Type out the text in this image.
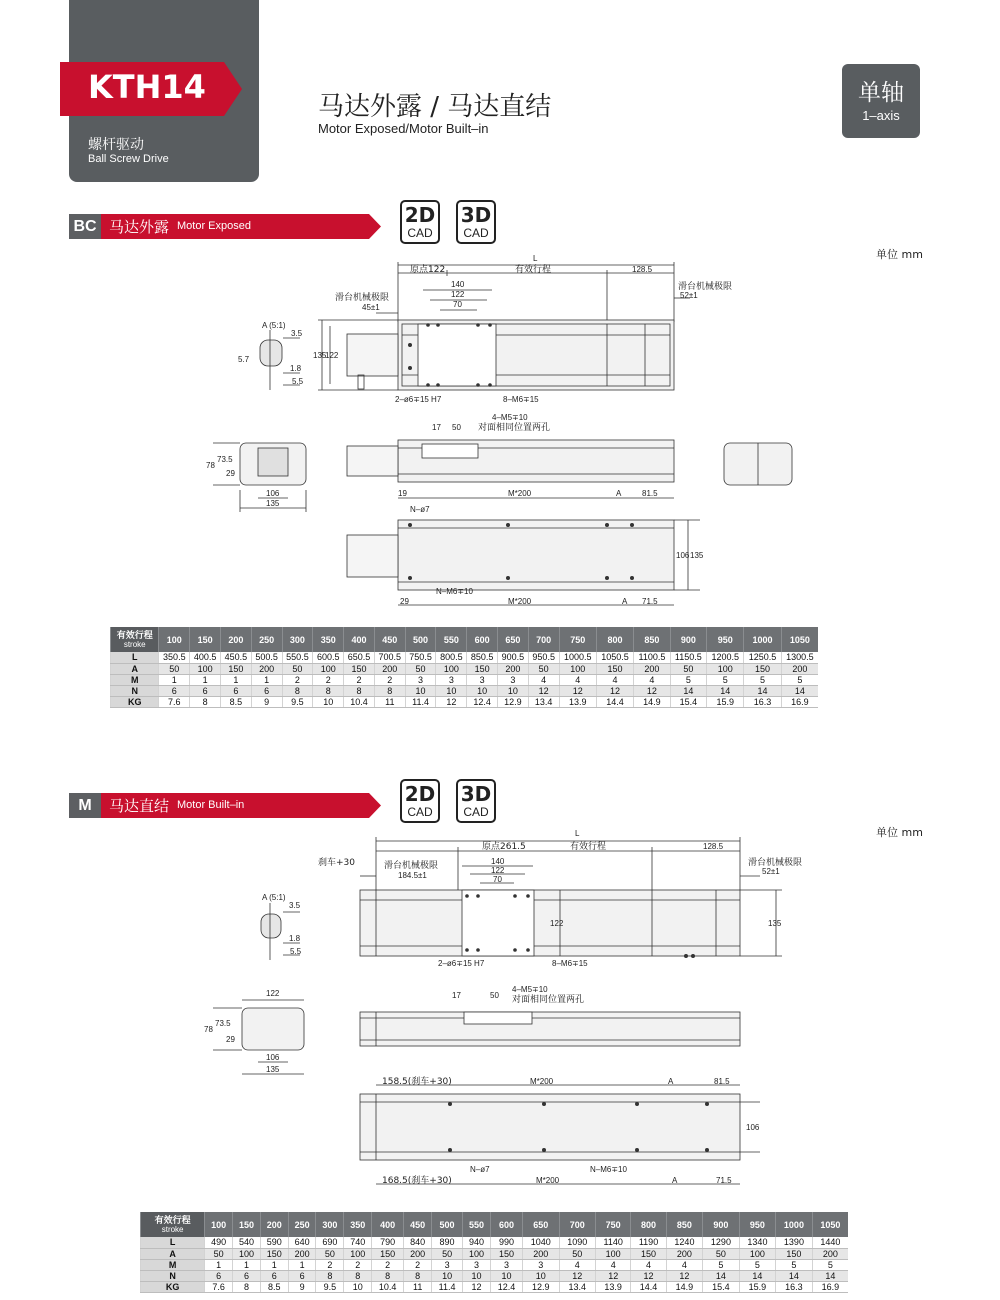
KTH14
螺杆驱动
Ball Screw Drive
马达外露 / 马达直结
Motor Exposed/Motor Built–in
单轴
1–axis
BC 马达外露 Motor Exposed	2D
CAD
3D
CAD
单位 mm
L
原点122	有效行程	128.5
140
122
70
滑台机械极限
45±1
滑台机械极限
52±1
2–ø6∓15 H7	8–M6∓15
A (5:1)
3.5
5.7
1.8
5.5
135
122
4–M5∓10
对面相同位置两孔
17 50
78
73.5
29
106
135
19	M*200	A	81.5
N–ø7
N–M6∓10
29	M*200	A 71.5
106 135
有效行程
stroke	100	150	200	250	300	350	400	450	500	550	600	650	700	750	800	850	900	950	1000	1050
L	350.5	400.5	450.5	500.5	550.5	600.5	650.5	700.5	750.5	800.5	850.5	900.5	950.5	1000.5	1050.5	1100.5	1150.5	1200.5	1250.5	1300.5
A	50	100	150	200	50	100	150	200	50	100	150	200	50	100	150	200	50	100	150	200
M	1	1	1	1	2	2	2	2	3	3	3	3	4	4	4	4	5	5	5	5
N	6	6	6	6	8	8	8	8	10	10	10	10	12	12	12	12	14	14	14	14
KG	7.6	8	8.5	9	9.5	10	10.4	11	11.4	12	12.4	12.9	13.4	13.9	14.4	14.9	15.4	15.9	16.3	16.9
M	马达直结 Motor Built–in	2D
CAD
3D
CAD
单位 mm
L
原点261.5	有效行程	128.5
刹车+30	滑台机械极限
184.5±1
滑台机械极限
52±1
140
122
70
122	135
2–ø6∓15 H7	8–M6∓15
A (5:1)
3.5
1.8
5.5
4–M5∓10
对面相同位置两孔
17	50
122
78
73.5
29
106
135
158.5(刹车+30)	M*200	A	81.5
N–ø7	N–M6∓10
168.5(刹车+30)	M*200	A	71.5
106
有效行程
stroke	100	150	200	250	300	350	400	450	500	550	600	650	700	750	800	850	900	950	1000	1050
L	490	540	590	640	690	740	790	840	890	940	990	1040	1090	1140	1190	1240	1290	1340	1390	1440
A	50	100	150	200	50	100	150	200	50	100	150	200	50	100	150	200	50	100	150	200
M	1	1	1	1	2	2	2	2	3	3	3	3	4	4	4	4	5	5	5	5
N	6	6	6	6	8	8	8	8	10	10	10	10	12	12	12	12	14	14	14	14
KG	7.6	8	8.5	9	9.5	10	10.4	11	11.4	12	12.4	12.9	13.4	13.9	14.4	14.9	15.4	15.9	16.3	16.9
